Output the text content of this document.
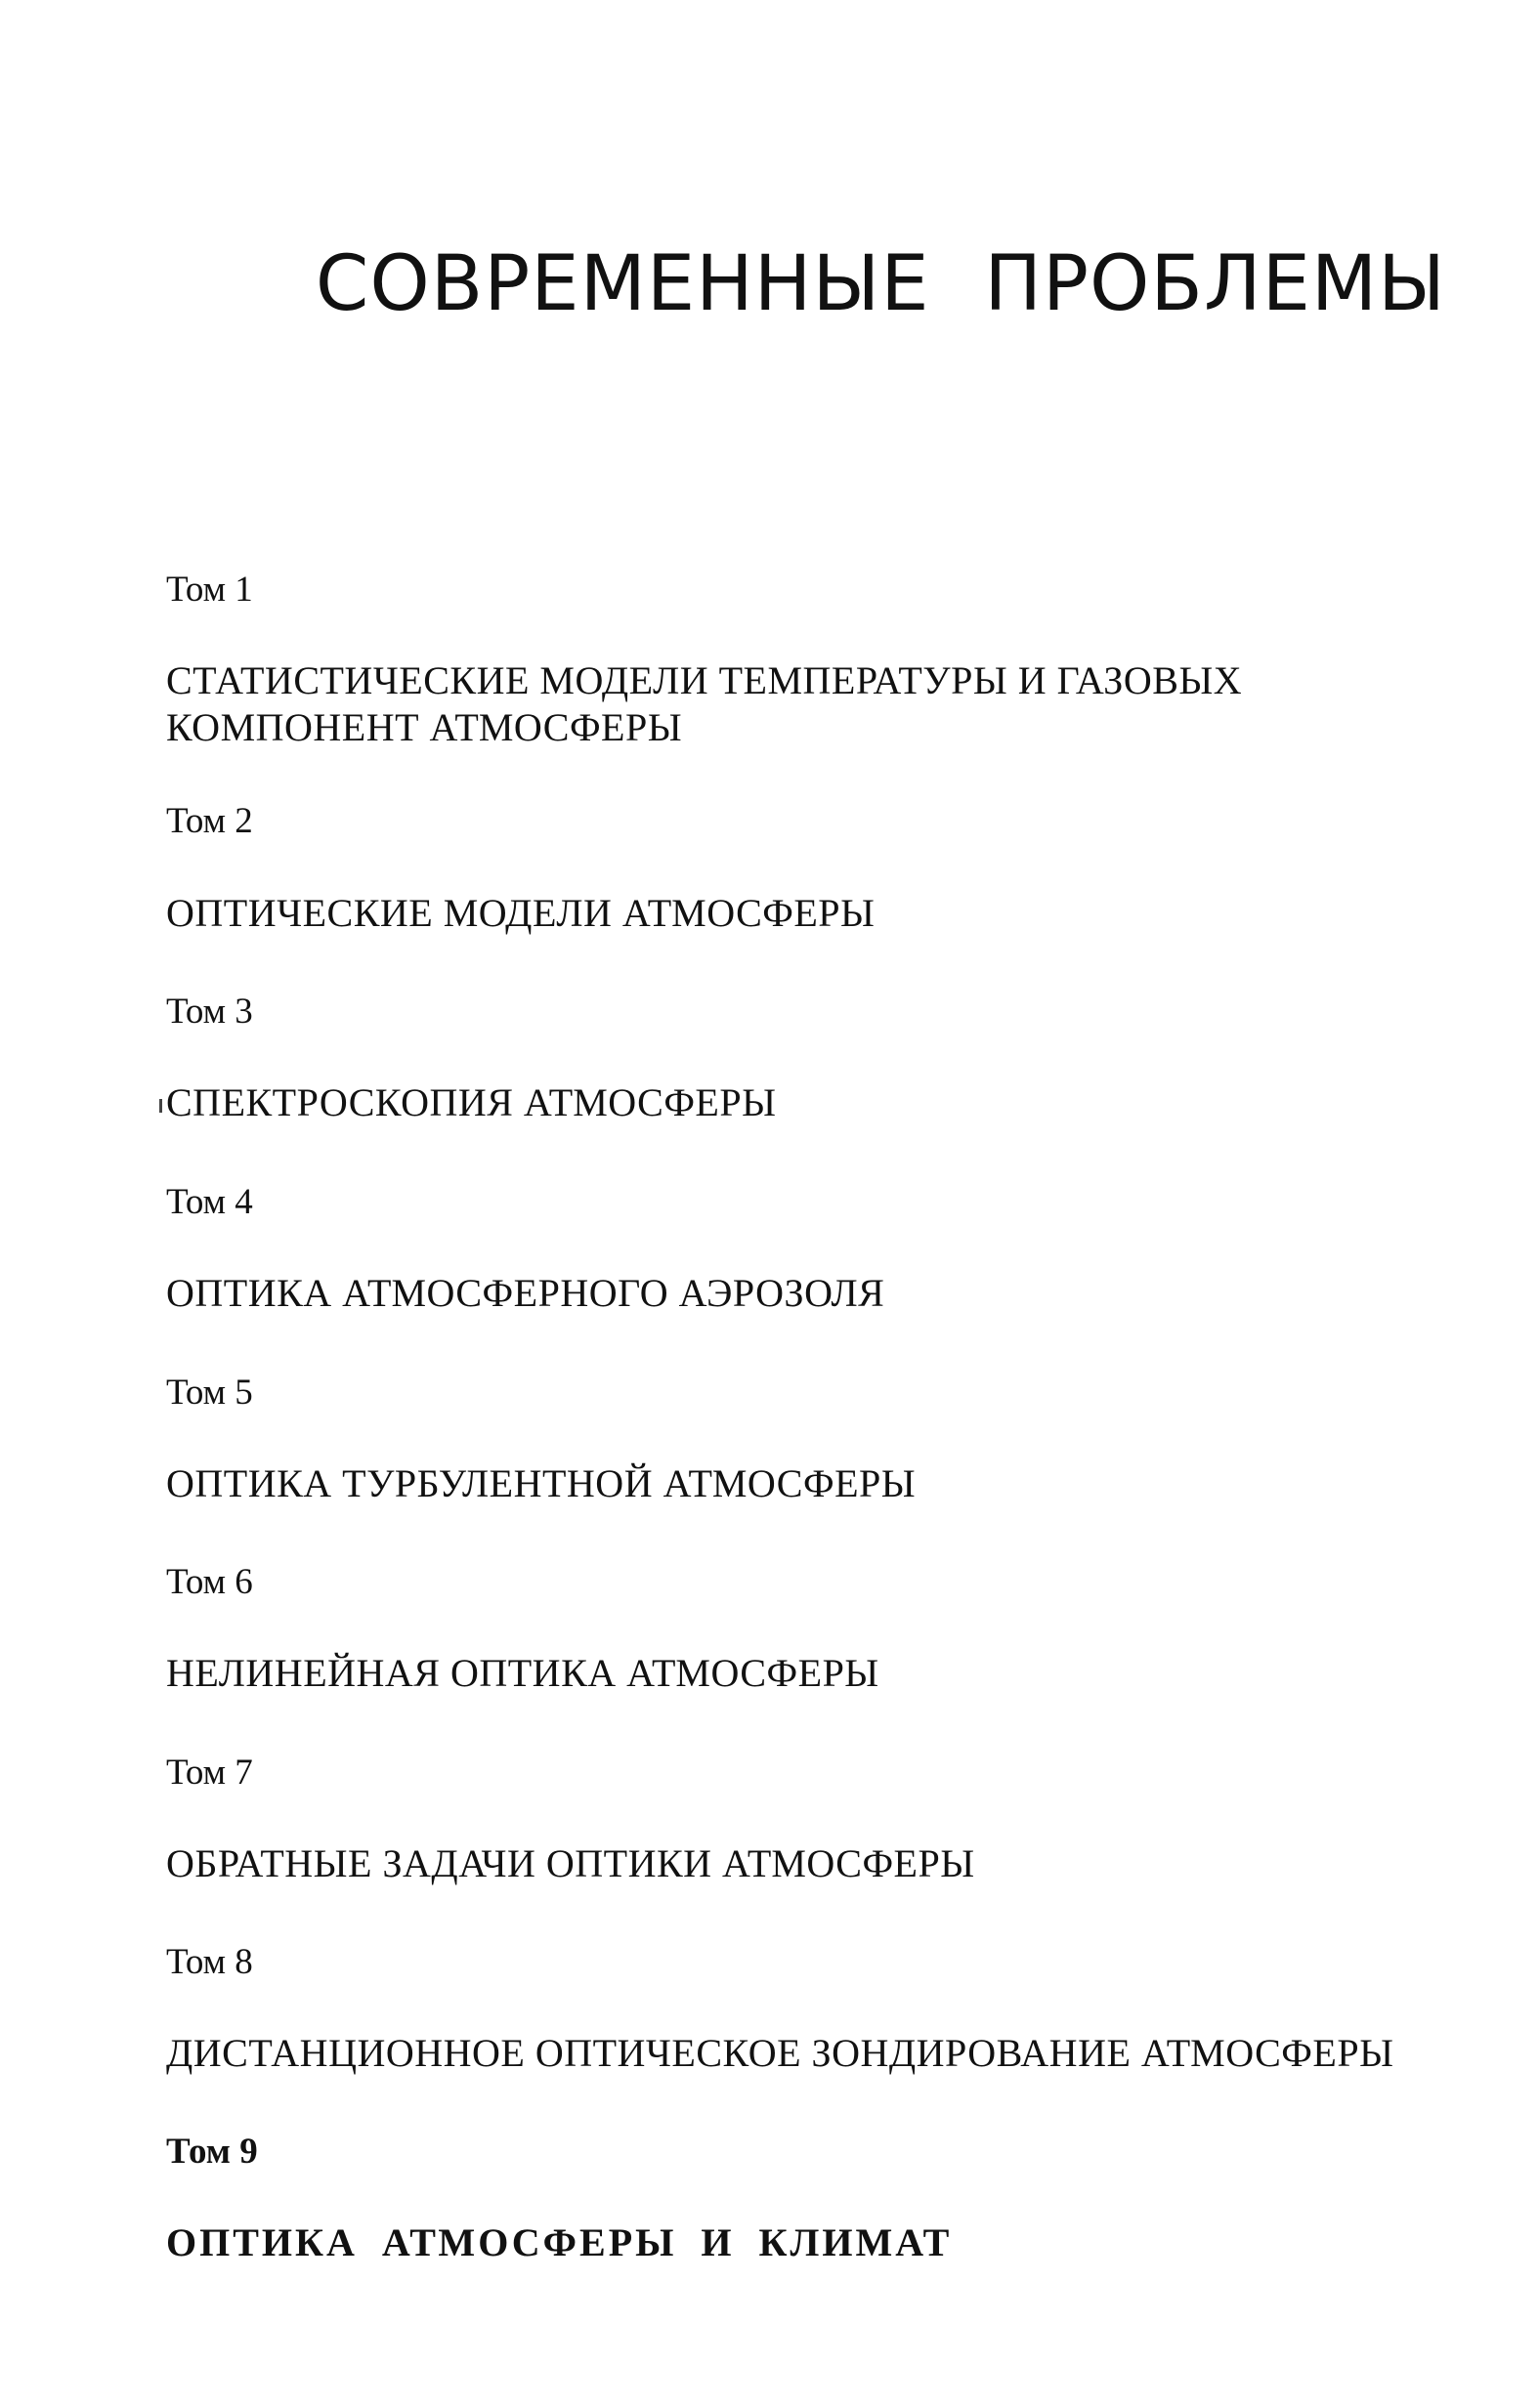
СОВРЕМЕННЫЕ ПРОБЛЕМЫ
Том 1
СТАТИСТИЧЕСКИЕ МОДЕЛИ ТЕМПЕРАТУРЫ И ГАЗОВЫХ
КОМПОНЕНТ АТМОСФЕРЫ
Том 2
ОПТИЧЕСКИЕ МОДЕЛИ АТМОСФЕРЫ
Том 3
СПЕКТРОСКОПИЯ АТМОСФЕРЫ
Том 4
ОПТИКА АТМОСФЕРНОГО АЭРОЗОЛЯ
Том 5
ОПТИКА ТУРБУЛЕНТНОЙ АТМОСФЕРЫ
Том 6
НЕЛИНЕЙНАЯ ОПТИКА АТМОСФЕРЫ
Том 7
ОБРАТНЫЕ ЗАДАЧИ ОПТИКИ АТМОСФЕРЫ
Том 8
ДИСТАНЦИОННОЕ ОПТИЧЕСКОЕ ЗОНДИРОВАНИЕ АТМОСФЕРЫ
Том 9
ОПТИКА АТМОСФЕРЫ И КЛИМАТ
